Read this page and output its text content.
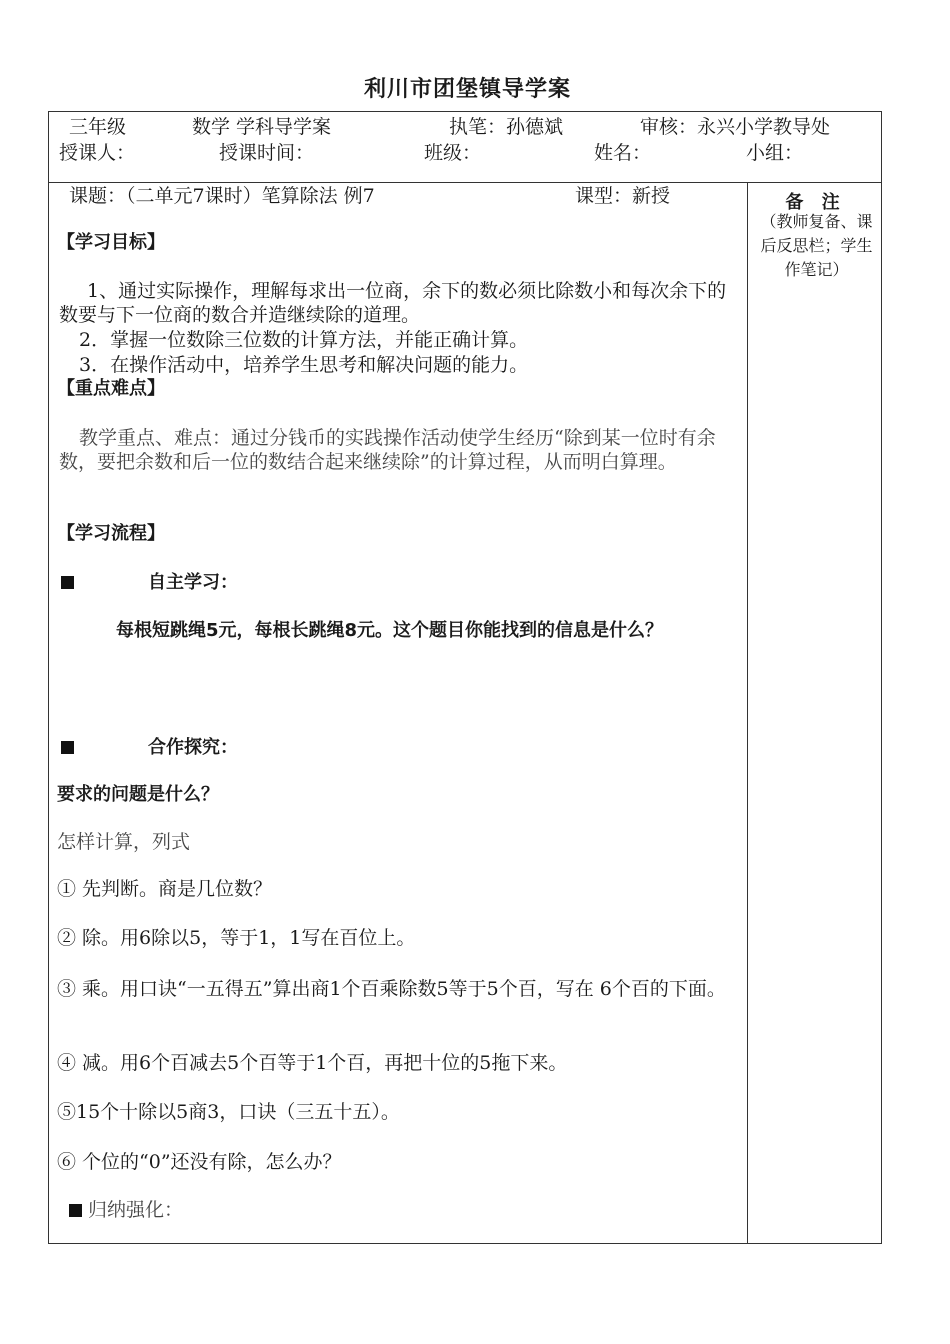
利川市团堡镇导学案
三年级	数学 学科导学案	执笔：孙德斌	审核：永兴小学教导处
授课人：	授课时间：	班级：	姓名：	小组：
备 注
（教师复备、课后反思栏；学生作笔记）
课题：（二单元7课时）笔算除法 例7	课型：新授
【学习目标】
1、通过实际操作，理解每求出一位商，余下的数必须比除数小和每次余下的数要与下一位商的数合并造继续除的道理。
2．掌握一位数除三位数的计算方法，并能正确计算。
3．在操作活动中，培养学生思考和解决问题的能力。
【重点难点】
教学重点、难点：通过分钱币的实践操作活动使学生经历“除到某一位时有余数，要把余数和后一位的数结合起来继续除”的计算过程，从而明白算理。
【学习流程】
自主学习：
每根短跳绳5元，每根长跳绳8元。这个题目你能找到的信息是什么？
合作探究：
要求的问题是什么？
怎样计算，列式
① 先判断。商是几位数？
② 除。用6除以5，等于1，1写在百位上。
③ 乘。用口诀“一五得五”算出商1个百乘除数5等于5个百，写在 6个百的下面。
④ 减。用6个百减去5个百等于1个百，再把十位的5拖下来。
⑤15个十除以5商3，口诀（三五十五）。
⑥ 个位的“0”还没有除，怎么办？
归纳强化：
